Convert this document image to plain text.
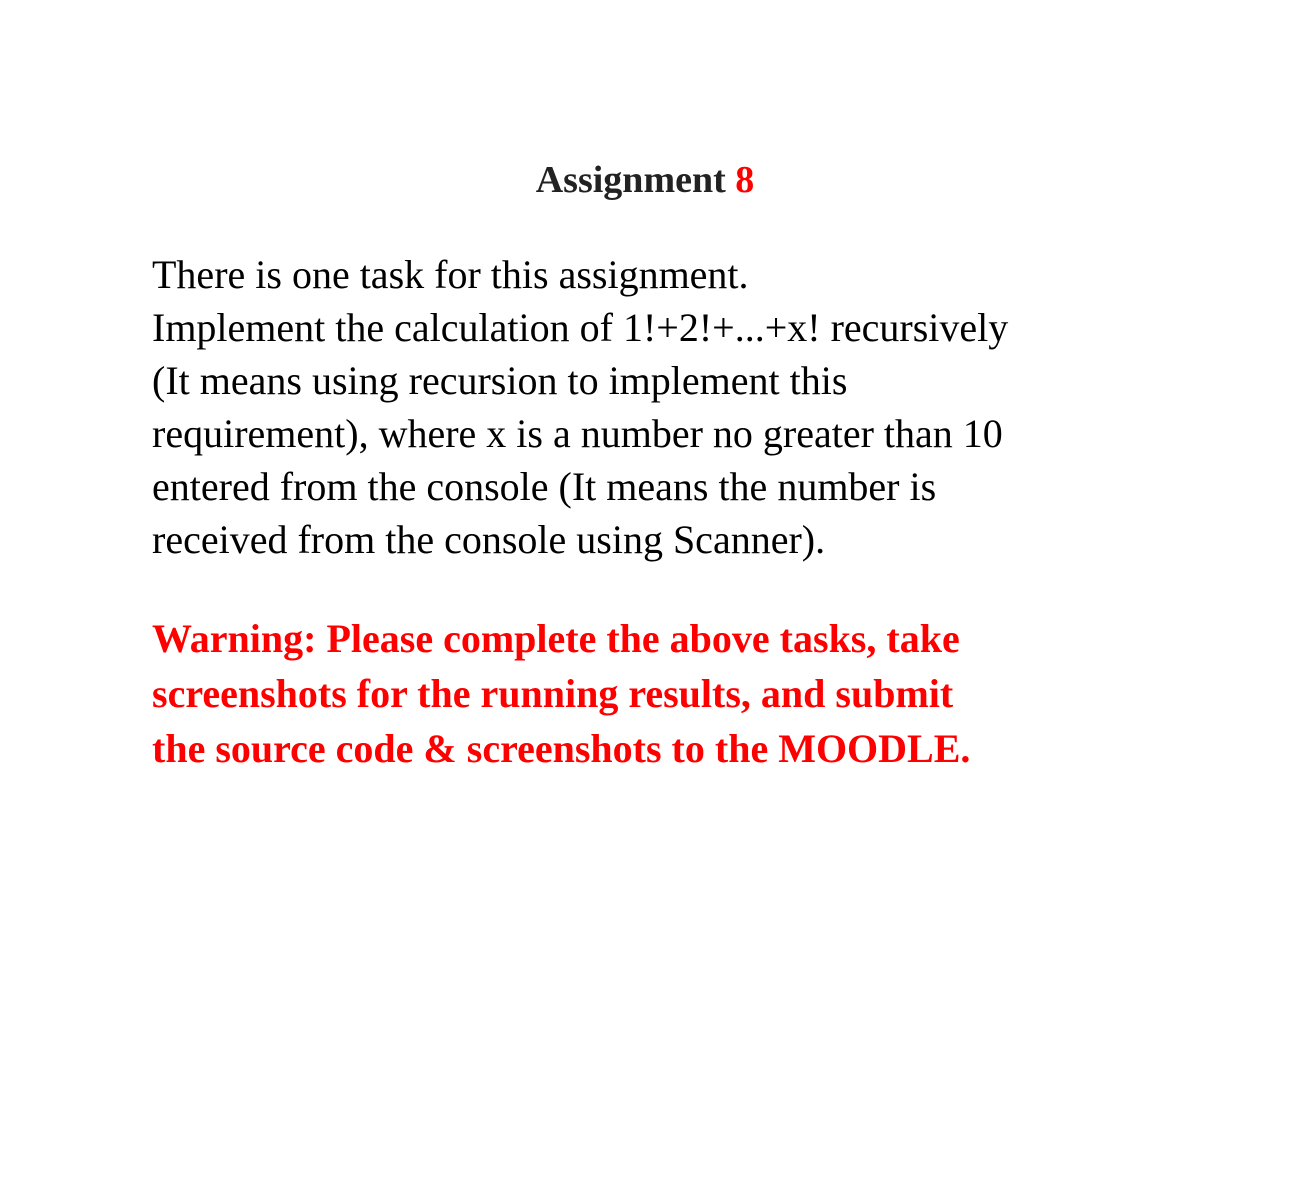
Assignment 8
There is one task for this assignment.
Implement the calculation of 1!+2!+...+x! recursively
(It means using recursion to implement this
requirement), where x is a number no greater than 10
entered from the console (It means the number is
received from the console using Scanner).
Warning: Please complete the above tasks, take
screenshots for the running results, and submit
the source code & screenshots to the MOODLE.
